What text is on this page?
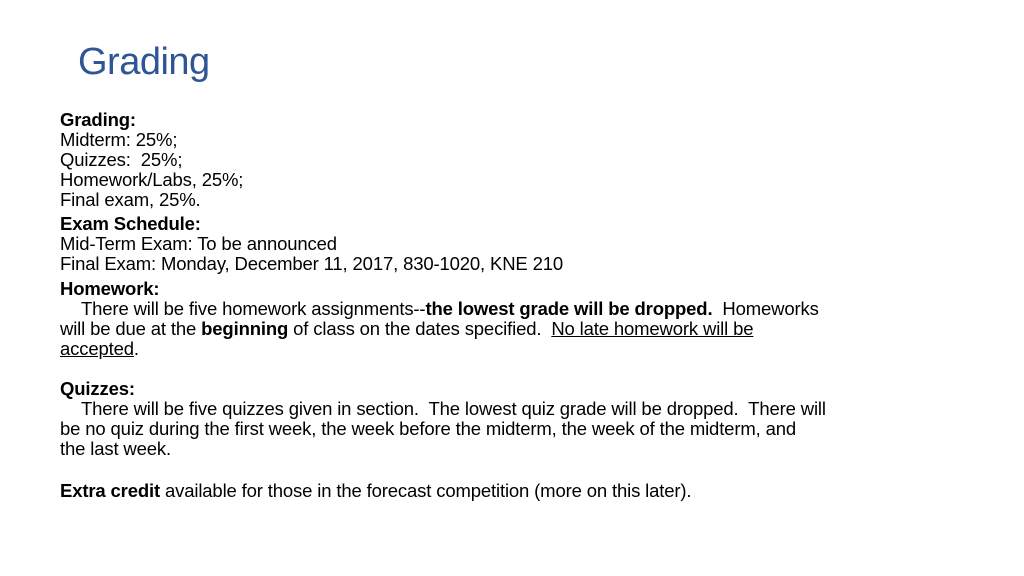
Grading
Grading:
Midterm: 25%;
Quizzes:  25%;
Homework/Labs, 25%;
Final exam, 25%.
Exam Schedule:
Mid-Term Exam: To be announced
Final Exam: Monday, December 11, 2017, 830-1020, KNE 210
Homework:
There will be five homework assignments--the lowest grade will be dropped.  Homeworks
will be due at the beginning of class on the dates specified.  No late homework will be
accepted.
Quizzes:
There will be five quizzes given in section.  The lowest quiz grade will be dropped.  There will
be no quiz during the first week, the week before the midterm, the week of the midterm, and
the last week.
Extra credit available for those in the forecast competition (more on this later).
